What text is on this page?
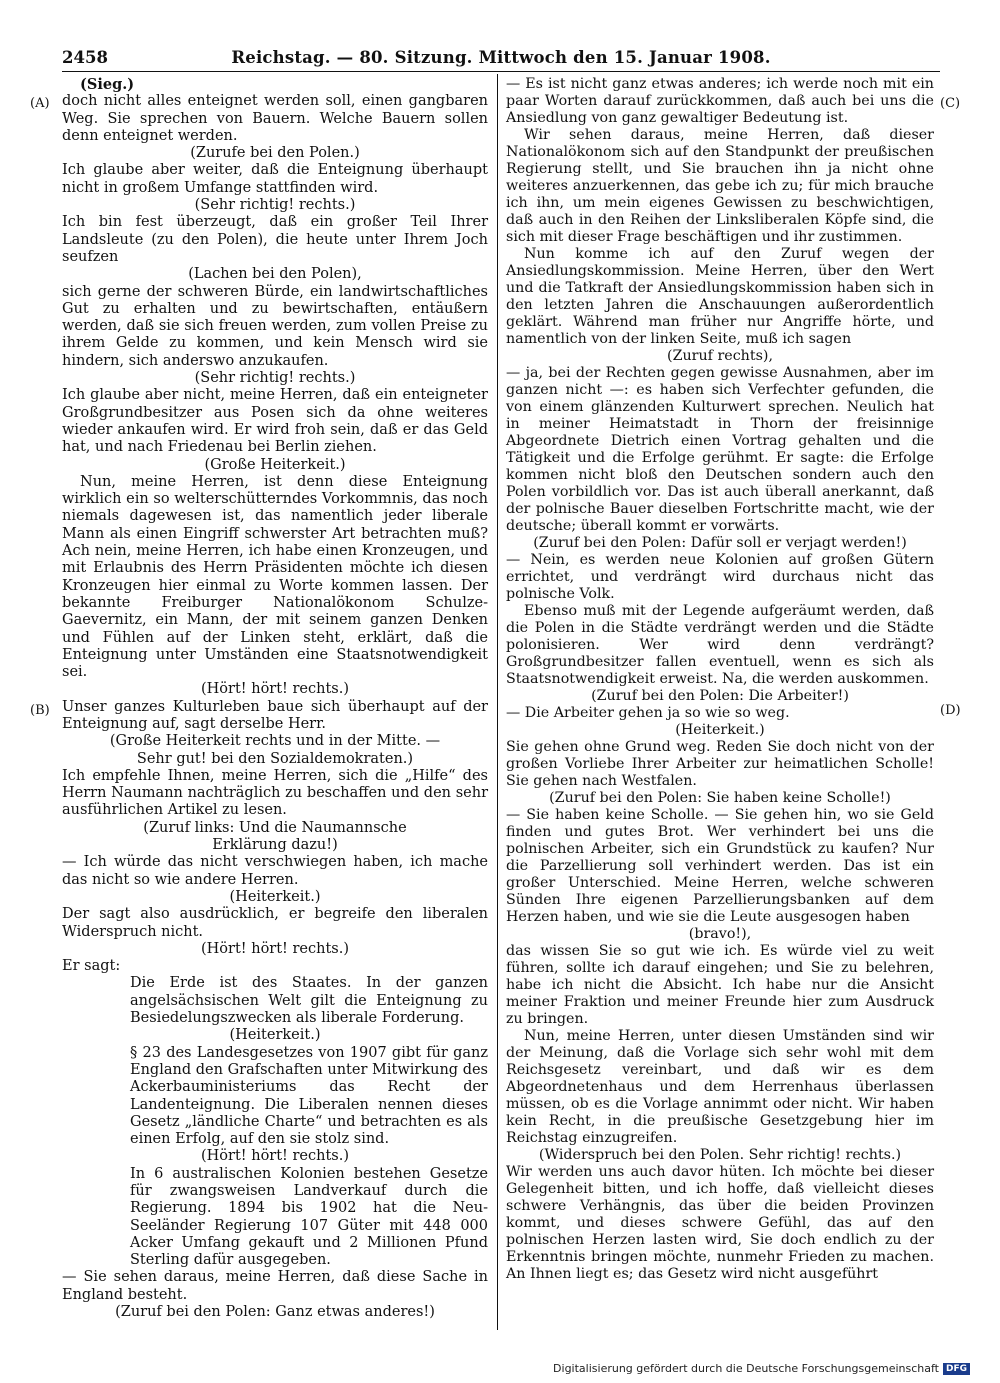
2458	Reichstag. — 80. Sitzung. Mittwoch den 15. Januar 1908.
(A)
(B)
(C)
(D)

(Sieg.)

doch nicht alles enteignet werden soll, einen gangbaren Weg. Sie sprechen von Bauern. Welche Bauern sollen denn enteignet werden.

(Zurufe bei den Polen.)

Ich glaube aber weiter, daß die Enteignung überhaupt nicht in großem Umfange stattfinden wird.

(Sehr richtig! rechts.)

Ich bin fest überzeugt, daß ein großer Teil Ihrer Landsleute (zu den Polen), die heute unter Ihrem Joch seufzen

(Lachen bei den Polen),

sich gerne der schweren Bürde, ein landwirtschaftliches Gut zu erhalten und zu bewirtschaften, entäußern werden, daß sie sich freuen werden, zum vollen Preise zu ihrem Gelde zu kommen, und kein Mensch wird sie hindern, sich anderswo anzukaufen.

(Sehr richtig! rechts.)

Ich glaube aber nicht, meine Herren, daß ein enteigneter Großgrundbesitzer aus Posen sich da ohne weiteres wieder ankaufen wird. Er wird froh sein, daß er das Geld hat, und nach Friedenau bei Berlin ziehen.

(Große Heiterkeit.)

Nun, meine Herren, ist denn diese Enteignung wirklich ein so welterschütterndes Vorkommnis, das noch niemals dagewesen ist, das namentlich jeder liberale Mann als einen Eingriff schwerster Art betrachten muß? Ach nein, meine Herren, ich habe einen Kronzeugen, und mit Erlaubnis des Herrn Präsidenten möchte ich diesen Kronzeugen hier einmal zu Worte kommen lassen. Der bekannte Freiburger Nationalökonom Schulze-Gaevernitz, ein Mann, der mit seinem ganzen Denken und Fühlen auf der Linken steht, erklärt, daß die Enteignung unter Umständen eine Staatsnotwendigkeit sei.

(Hört! hört! rechts.)

Unser ganzes Kulturleben baue sich überhaupt auf der Enteignung auf, sagt derselbe Herr.

(Große Heiterkeit rechts und in der Mitte. —
Sehr gut! bei den Sozialdemokraten.)

Ich empfehle Ihnen, meine Herren, sich die „Hilfe“ des Herrn Naumann nachträglich zu beschaffen und den sehr ausführlichen Artikel zu lesen.

(Zuruf links: Und die Naumannsche
Erklärung dazu!)

— Ich würde das nicht verschwiegen haben, ich mache das nicht so wie andere Herren.

(Heiterkeit.)

Der sagt also ausdrücklich, er begreife den liberalen Widerspruch nicht.

(Hört! hört! rechts.)

Er sagt:

Die Erde ist des Staates. In der ganzen angelsächsischen Welt gilt die Enteignung zu Besiedelungszwecken als liberale Forderung.

(Heiterkeit.)

§ 23 des Landesgesetzes von 1907 gibt für ganz England den Grafschaften unter Mitwirkung des Ackerbauministeriums das Recht der Landenteignung. Die Liberalen nennen dieses Gesetz „ländliche Charte“ und betrachten es als einen Erfolg, auf den sie stolz sind.

(Hört! hört! rechts.)

In 6 australischen Kolonien bestehen Gesetze für zwangsweisen Landverkauf durch die Regierung. 1894 bis 1902 hat die Neu-Seeländer Regierung 107 Güter mit 448 000 Acker Umfang gekauft und 2 Millionen Pfund Sterling dafür ausgegeben.

— Sie sehen daraus, meine Herren, daß diese Sache in England besteht.

(Zuruf bei den Polen: Ganz etwas anderes!)

— Es ist nicht ganz etwas anderes; ich werde noch mit ein paar Worten darauf zurückkommen, daß auch bei uns die Ansiedlung von ganz gewaltiger Bedeutung ist.

Wir sehen daraus, meine Herren, daß dieser Nationalökonom sich auf den Standpunkt der preußischen Regierung stellt, und Sie brauchen ihn ja nicht ohne weiteres anzuerkennen, das gebe ich zu; für mich brauche ich ihn, um mein eigenes Gewissen zu beschwichtigen, daß auch in den Reihen der Linksliberalen Köpfe sind, die sich mit dieser Frage beschäftigen und ihr zustimmen.

Nun komme ich auf den Zuruf wegen der Ansiedlungskommission. Meine Herren, über den Wert und die Tatkraft der Ansiedlungskommission haben sich in den letzten Jahren die Anschauungen außerordentlich geklärt. Während man früher nur Angriffe hörte, und namentlich von der linken Seite, muß ich sagen

(Zuruf rechts),

— ja, bei der Rechten gegen gewisse Ausnahmen, aber im ganzen nicht —: es haben sich Verfechter gefunden, die von einem glänzenden Kulturwert sprechen. Neulich hat in meiner Heimatstadt in Thorn der freisinnige Abgeordnete Dietrich einen Vortrag gehalten und die Tätigkeit und die Erfolge gerühmt. Er sagte: die Erfolge kommen nicht bloß den Deutschen sondern auch den Polen vorbildlich vor. Das ist auch überall anerkannt, daß der polnische Bauer dieselben Fortschritte macht, wie der deutsche; überall kommt er vorwärts.

(Zuruf bei den Polen: Dafür soll er verjagt werden!)

— Nein, es werden neue Kolonien auf großen Gütern errichtet, und verdrängt wird durchaus nicht das polnische Volk.

Ebenso muß mit der Legende aufgeräumt werden, daß die Polen in die Städte verdrängt werden und die Städte polonisieren. Wer wird denn verdrängt? Großgrundbesitzer fallen eventuell, wenn es sich als Staatsnotwendigkeit erweist. Na, die werden auskommen.

(Zuruf bei den Polen: Die Arbeiter!)

— Die Arbeiter gehen ja so wie so weg.

(Heiterkeit.)

Sie gehen ohne Grund weg. Reden Sie doch nicht von der großen Vorliebe Ihrer Arbeiter zur heimatlichen Scholle! Sie gehen nach Westfalen.

(Zuruf bei den Polen: Sie haben keine Scholle!)

— Sie haben keine Scholle. — Sie gehen hin, wo sie Geld finden und gutes Brot. Wer verhindert bei uns die polnischen Arbeiter, sich ein Grundstück zu kaufen? Nur die Parzellierung soll verhindert werden. Das ist ein großer Unterschied. Meine Herren, welche schweren Sünden Ihre eigenen Parzellierungsbanken auf dem Herzen haben, und wie sie die Leute ausgesogen haben

(bravo!),

das wissen Sie so gut wie ich. Es würde viel zu weit führen, sollte ich darauf eingehen; und Sie zu belehren, habe ich nicht die Absicht. Ich habe nur die Ansicht meiner Fraktion und meiner Freunde hier zum Ausdruck zu bringen.

Nun, meine Herren, unter diesen Umständen sind wir der Meinung, daß die Vorlage sich sehr wohl mit dem Reichsgesetz vereinbart, und daß wir es dem Abgeordnetenhaus und dem Herrenhaus überlassen müssen, ob es die Vorlage annimmt oder nicht. Wir haben kein Recht, in die preußische Gesetzgebung hier im Reichstag einzugreifen.

(Widerspruch bei den Polen. Sehr richtig! rechts.)

Wir werden uns auch davor hüten. Ich möchte bei dieser Gelegenheit bitten, und ich hoffe, daß vielleicht dieses schwere Verhängnis, das über die beiden Provinzen kommt, und dieses schwere Gefühl, das auf den polnischen Herzen lasten wird, Sie doch endlich zu der Erkenntnis bringen möchte, nunmehr Frieden zu machen. An Ihnen liegt es; das Gesetz wird nicht ausgeführt

Digitalisierung gefördert durch die Deutsche Forschungsgemeinschaft DFG
